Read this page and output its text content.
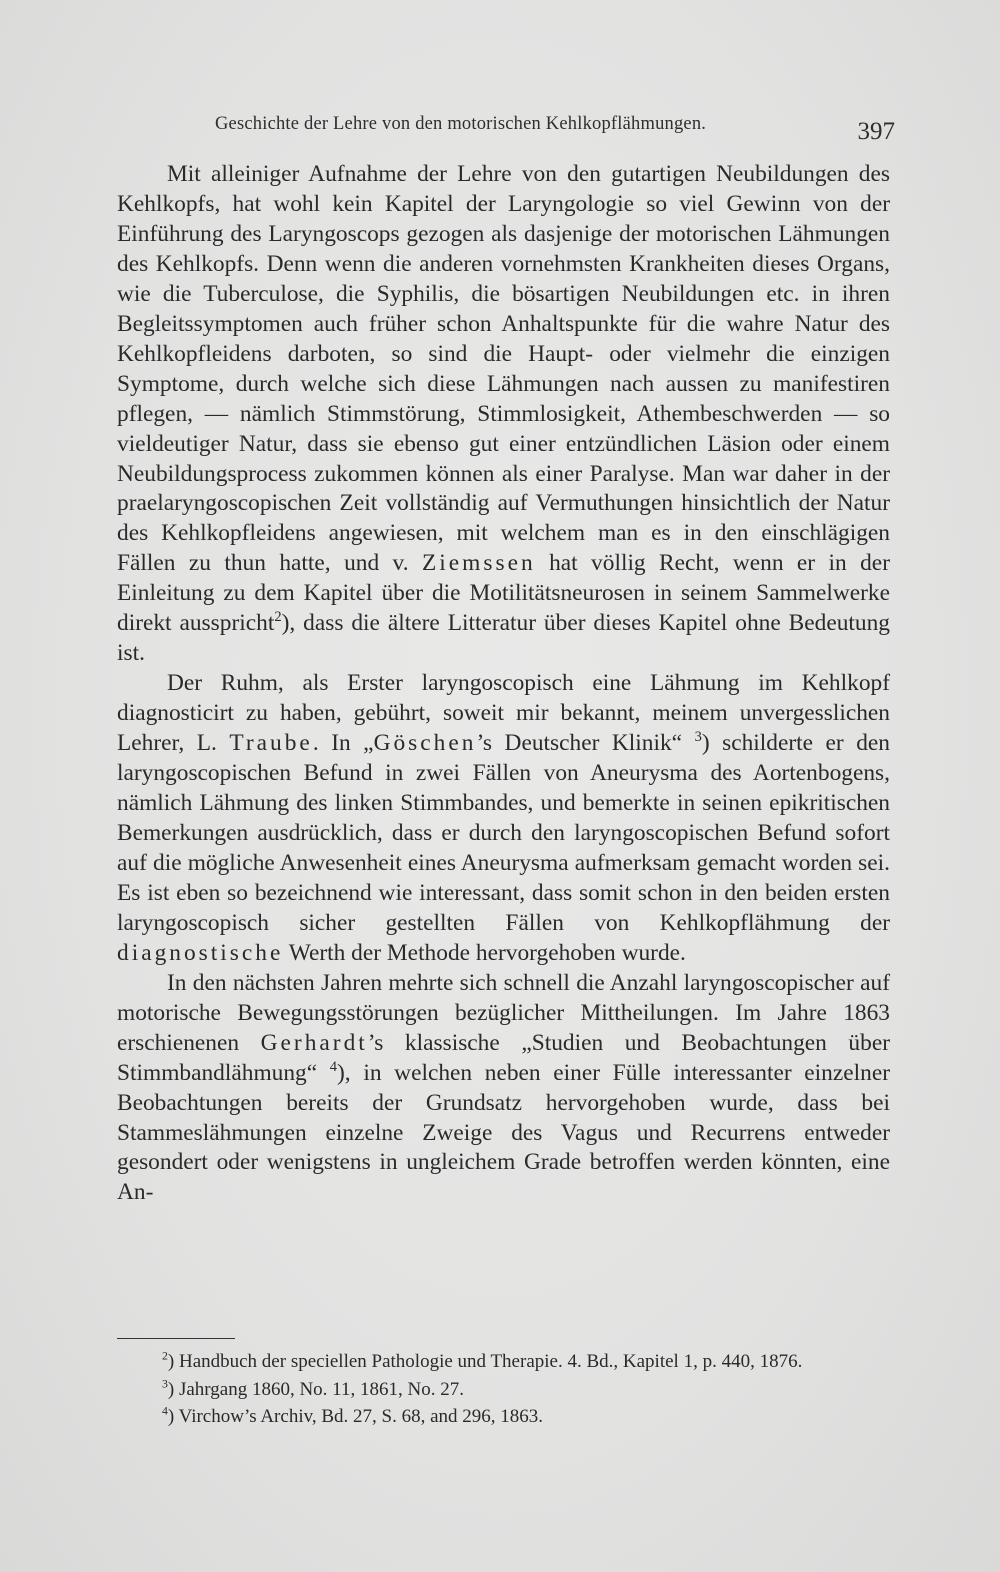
Geschichte der Lehre von den motorischen Kehlkopflähmungen.	397

Mit alleiniger Aufnahme der Lehre von den gutartigen Neubildungen des Kehlkopfs, hat wohl kein Kapitel der Laryngologie so viel Gewinn von der Einführung des Laryngoscops gezogen als dasjenige der motorischen Lähmungen des Kehlkopfs. Denn wenn die anderen vornehmsten Krankheiten dieses Organs, wie die Tuberculose, die Syphilis, die bösartigen Neubildungen etc. in ihren Begleitssymptomen auch früher schon Anhaltspunkte für die wahre Natur des Kehlkopfleidens darboten, so sind die Haupt- oder vielmehr die einzigen Symptome, durch welche sich diese Lähmungen nach aussen zu manifestiren pflegen, — nämlich Stimmstörung, Stimmlosigkeit, Athembeschwerden — so vieldeutiger Natur, dass sie ebenso gut einer entzündlichen Läsion oder einem Neubildungsprocess zukommen können als einer Paralyse. Man war daher in der praelaryngoscopischen Zeit vollständig auf Vermuthungen hinsichtlich der Natur des Kehlkopfleidens angewiesen, mit welchem man es in den einschlägigen Fällen zu thun hatte, und v. Ziemssen hat völlig Recht, wenn er in der Einleitung zu dem Kapitel über die Motilitätsneurosen in seinem Sammelwerke direkt ausspricht$^2$), dass die ältere Litteratur über dieses Kapitel ohne Bedeutung ist.

Der Ruhm, als Erster laryngoscopisch eine Lähmung im Kehlkopf diagnosticirt zu haben, gebührt, soweit mir bekannt, meinem unvergesslichen Lehrer, L. Traube. In „Göschen’s Deutscher Klinik“ $^3$) schilderte er den laryngoscopischen Befund in zwei Fällen von Aneurysma des Aortenbogens, nämlich Lähmung des linken Stimmbandes, und bemerkte in seinen epikritischen Bemerkungen ausdrücklich, dass er durch den laryngoscopischen Befund sofort auf die mögliche Anwesenheit eines Aneurysma aufmerksam gemacht worden sei. Es ist eben so bezeichnend wie interessant, dass somit schon in den beiden ersten laryngoscopisch sicher gestellten Fällen von Kehlkopflähmung der diagnostische Werth der Methode hervorgehoben wurde.

In den nächsten Jahren mehrte sich schnell die Anzahl laryngoscopischer auf motorische Bewegungsstörungen bezüglicher Mittheilungen. Im Jahre 1863 erschienenen Gerhardt’s klassische „Studien und Beobachtungen über Stimmbandlähmung“ $^4$), in welchen neben einer Fülle interessanter einzelner Beobachtungen bereits der Grundsatz hervorgehoben wurde, dass bei Stammeslähmungen einzelne Zweige des Vagus und Recurrens entweder gesondert oder wenigstens in ungleichem Grade betroffen werden könnten, eine An-

$^2$) Handbuch der speciellen Pathologie und Therapie. 4. Bd., Kapitel 1, p. 440, 1876.

$^3$) Jahrgang 1860, No. 11, 1861, No. 27.

$^4$) Virchow’s Archiv, Bd. 27, S. 68, and 296, 1863.
